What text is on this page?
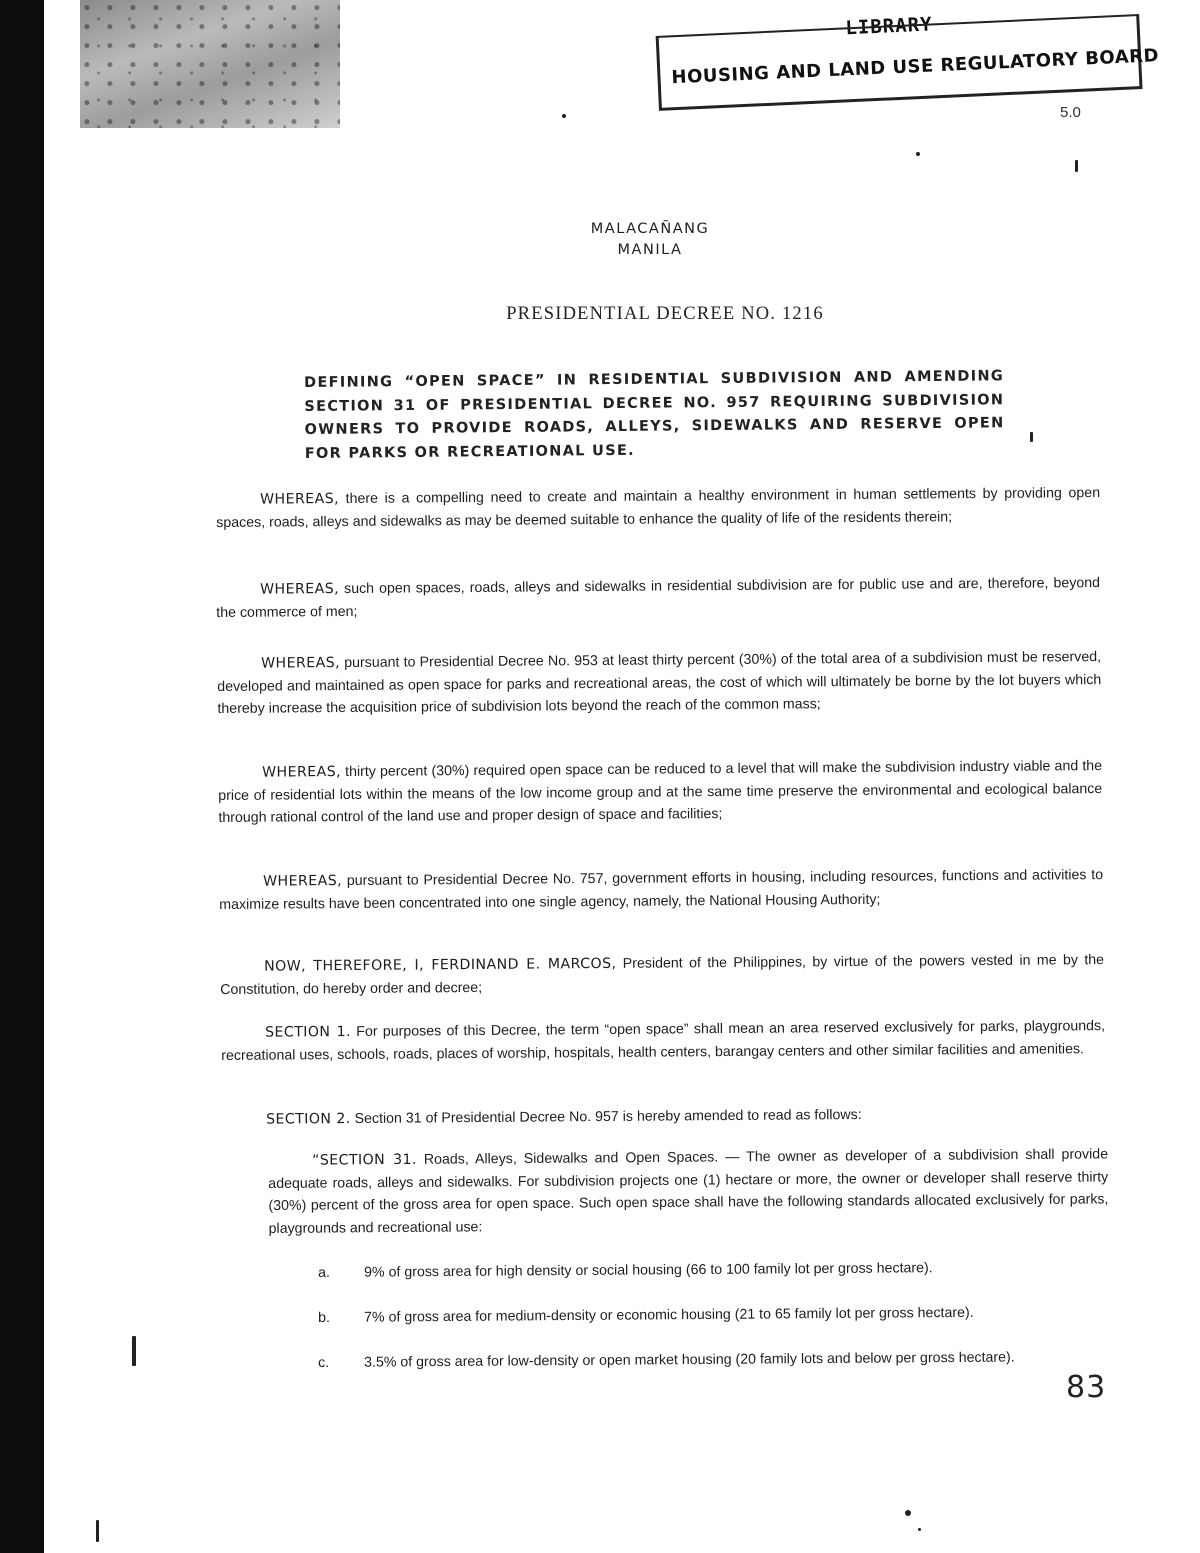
LIBRARY
HOUSING AND LAND USE REGULATORY BOARD
5.0
MALACAÑANG
MANILA
PRESIDENTIAL DECREE NO. 1216
DEFINING “OPEN SPACE” IN RESIDENTIAL SUBDIVISION AND AMENDING SECTION 31 OF PRESIDENTIAL DECREE NO. 957 REQUIRING SUBDIVISION OWNERS TO PROVIDE ROADS, ALLEYS, SIDEWALKS AND RESERVE OPEN FOR PARKS OR RECREATIONAL USE.
WHEREAS, there is a compelling need to create and maintain a healthy environment in human settlements by providing open spaces, roads, alleys and sidewalks as may be deemed suitable to enhance the quality of life of the residents therein;
WHEREAS, such open spaces, roads, alleys and sidewalks in residential subdivision are for public use and are, therefore, beyond the commerce of men;
WHEREAS, pursuant to Presidential Decree No. 953 at least thirty percent (30%) of the total area of a subdivision must be reserved, developed and maintained as open space for parks and recreational areas, the cost of which will ultimately be borne by the lot buyers which thereby increase the acquisition price of subdivision lots beyond the reach of the common mass;
WHEREAS, thirty percent (30%) required open space can be reduced to a level that will make the subdivision industry viable and the price of residential lots within the means of the low income group and at the same time preserve the environmental and ecological balance through rational control of the land use and proper design of space and facilities;
WHEREAS, pursuant to Presidential Decree No. 757, government efforts in housing, including resources, functions and activities to maximize results have been concentrated into one single agency, namely, the National Housing Authority;
NOW, THEREFORE, I, FERDINAND E. MARCOS, President of the Philippines, by virtue of the powers vested in me by the Constitution, do hereby order and decree;
SECTION 1. For purposes of this Decree, the term “open space” shall mean an area reserved exclusively for parks, playgrounds, recreational uses, schools, roads, places of worship, hospitals, health centers, barangay centers and other similar facilities and amenities.
SECTION 2. Section 31 of Presidential Decree No. 957 is hereby amended to read as follows:
“SECTION 31. Roads, Alleys, Sidewalks and Open Spaces. — The owner as developer of a subdivision shall provide adequate roads, alleys and sidewalks. For subdivision projects one (1) hectare or more, the owner or developer shall reserve thirty (30%) percent of the gross area for open space. Such open space shall have the following standards allocated exclusively for parks, playgrounds and recreational use:
a.	9% of gross area for high density or social housing (66 to 100 family lot per gross hectare).
b.	7% of gross area for medium-density or economic housing (21 to 65 family lot per gross hectare).
c.	3.5% of gross area for low-density or open market housing (20 family lots and below per gross hectare).
83
